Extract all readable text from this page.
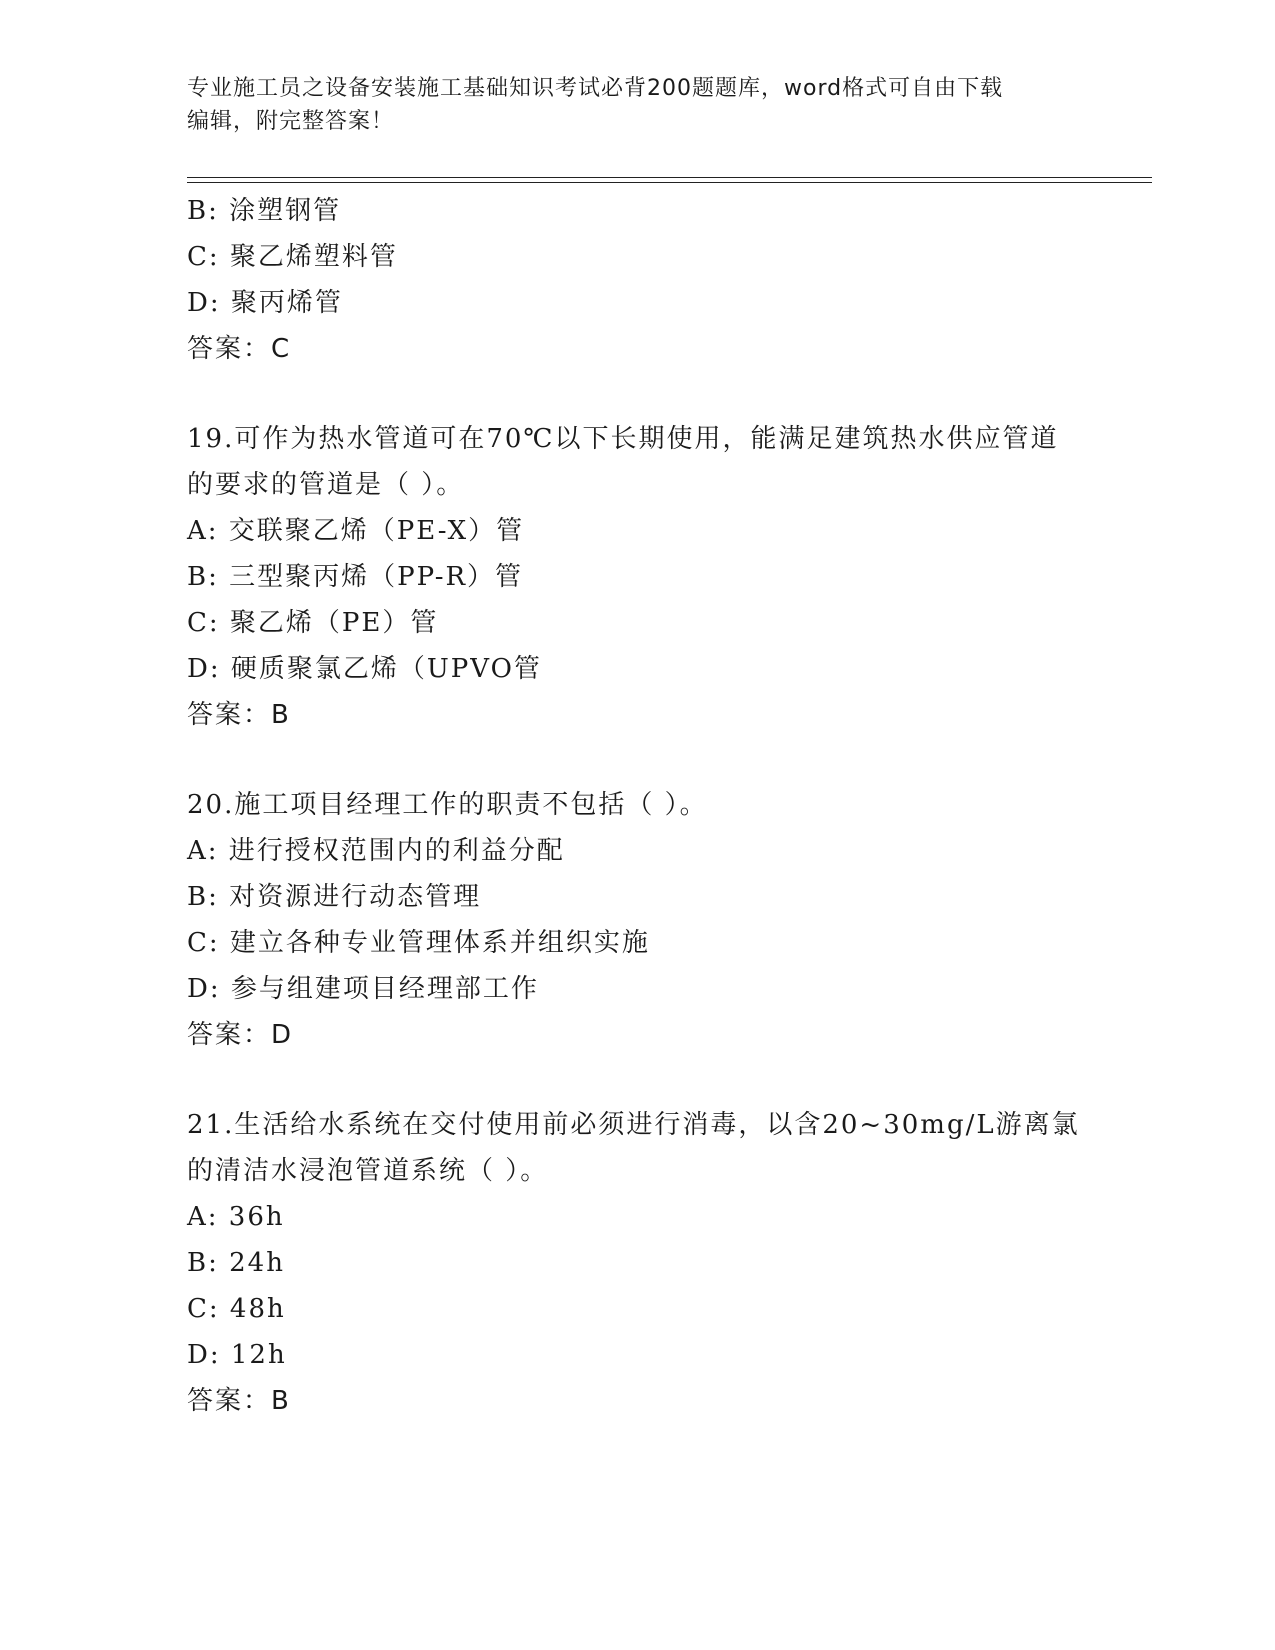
专业施工员之设备安装施工基础知识考试必背200题题库，word格式可自由下载
编辑，附完整答案！
B: 涂塑钢管
C: 聚乙烯塑料管
D: 聚丙烯管
答案：C
19.可作为热水管道可在70℃以下长期使用，能满足建筑热水供应管道
的要求的管道是（ ）。
A: 交联聚乙烯（PE-X）管
B: 三型聚丙烯（PP-R）管
C: 聚乙烯（PE）管
D: 硬质聚氯乙烯（UPVO管
答案：B
20.施工项目经理工作的职责不包括（ ）。
A: 进行授权范围内的利益分配
B: 对资源进行动态管理
C: 建立各种专业管理体系并组织实施
D: 参与组建项目经理部工作
答案：D
21.生活给水系统在交付使用前必须进行消毒，以含20~30mg/L游离氯
的清洁水浸泡管道系统（ ）。
A: 36h
B: 24h
C: 48h
D: 12h
答案：B
